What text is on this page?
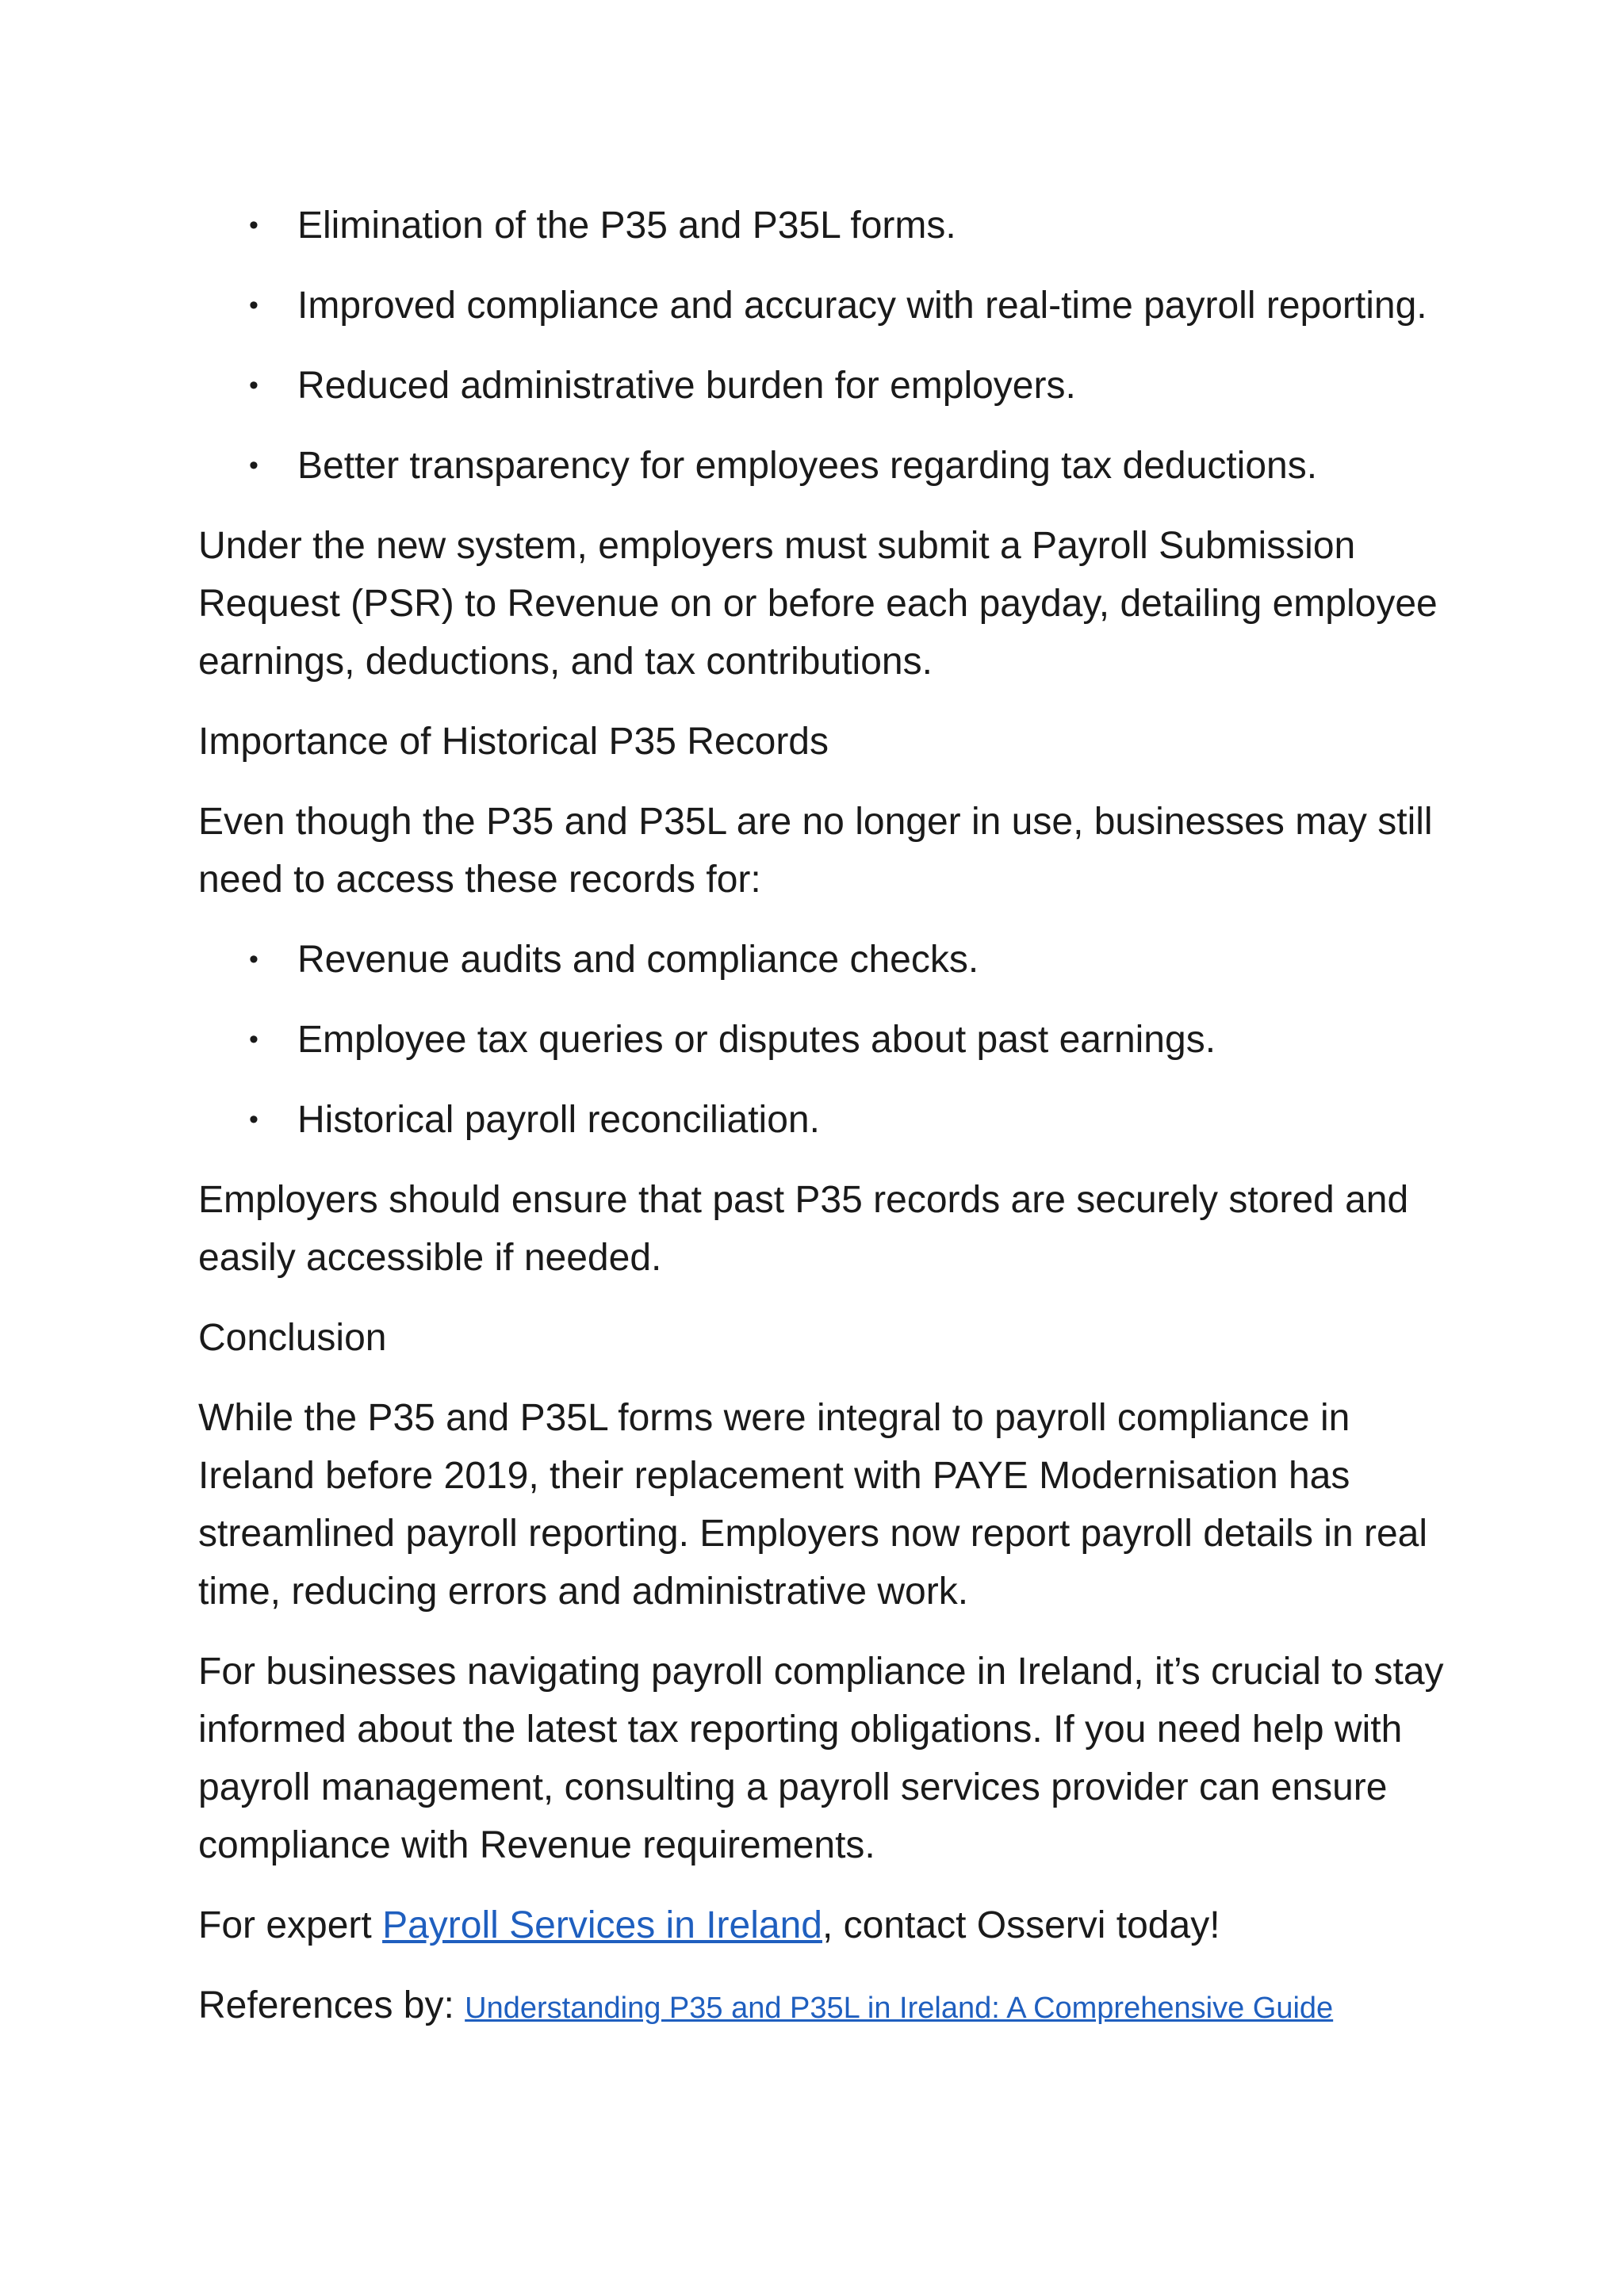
• Elimination of the P35 and P35L forms.
• Improved compliance and accuracy with real-time payroll reporting.
• Reduced administrative burden for employers.
• Better transparency for employees regarding tax deductions.

Under the new system, employers must submit a Payroll Submission Request (PSR) to Revenue on or before each payday, detailing employee earnings, deductions, and tax contributions.

Importance of Historical P35 Records

Even though the P35 and P35L are no longer in use, businesses may still need to access these records for:

• Revenue audits and compliance checks.
• Employee tax queries or disputes about past earnings.
• Historical payroll reconciliation.

Employers should ensure that past P35 records are securely stored and easily accessible if needed.

Conclusion

While the P35 and P35L forms were integral to payroll compliance in Ireland before 2019, their replacement with PAYE Modernisation has streamlined payroll reporting. Employers now report payroll details in real time, reducing errors and administrative work.

For businesses navigating payroll compliance in Ireland, it’s crucial to stay informed about the latest tax reporting obligations. If you need help with payroll management, consulting a payroll services provider can ensure compliance with Revenue requirements.

For expert Payroll Services in Ireland, contact Osservi today!

References by: Understanding P35 and P35L in Ireland: A Comprehensive Guide
